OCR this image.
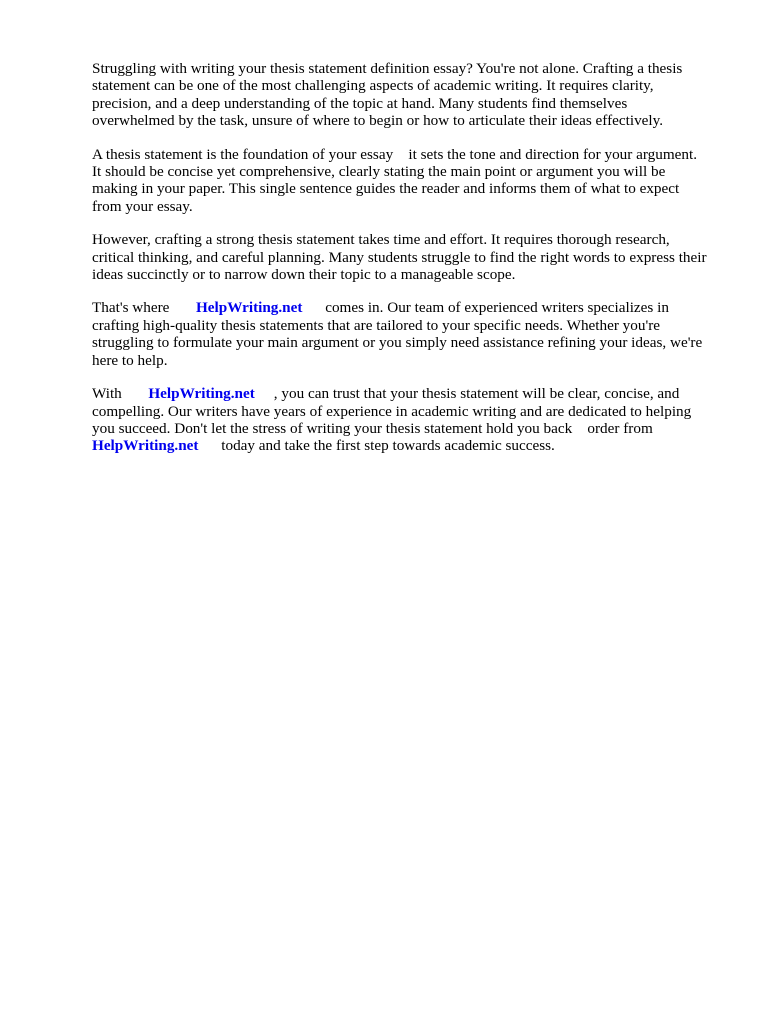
Struggling with writing your thesis statement definition essay? You're not alone. Crafting a thesis
statement can be one of the most challenging aspects of academic writing. It requires clarity,
precision, and a deep understanding of the topic at hand. Many students find themselves
overwhelmed by the task, unsure of where to begin or how to articulate their ideas effectively.

A thesis statement is the foundation of your essay    it sets the tone and direction for your argument.
It should be concise yet comprehensive, clearly stating the main point or argument you will be
making in your paper. This single sentence guides the reader and informs them of what to expect
from your essay.

However, crafting a strong thesis statement takes time and effort. It requires thorough research,
critical thinking, and careful planning. Many students struggle to find the right words to express their
ideas succinctly or to narrow down their topic to a manageable scope.

That's where       HelpWriting.net      comes in. Our team of experienced writers specializes in
crafting high-quality thesis statements that are tailored to your specific needs. Whether you're
struggling to formulate your main argument or you simply need assistance refining your ideas, we're
here to help.

With       HelpWriting.net     , you can trust that your thesis statement will be clear, concise, and
compelling. Our writers have years of experience in academic writing and are dedicated to helping
you succeed. Don't let the stress of writing your thesis statement hold you back    order from
HelpWriting.net      today and take the first step towards academic success.
